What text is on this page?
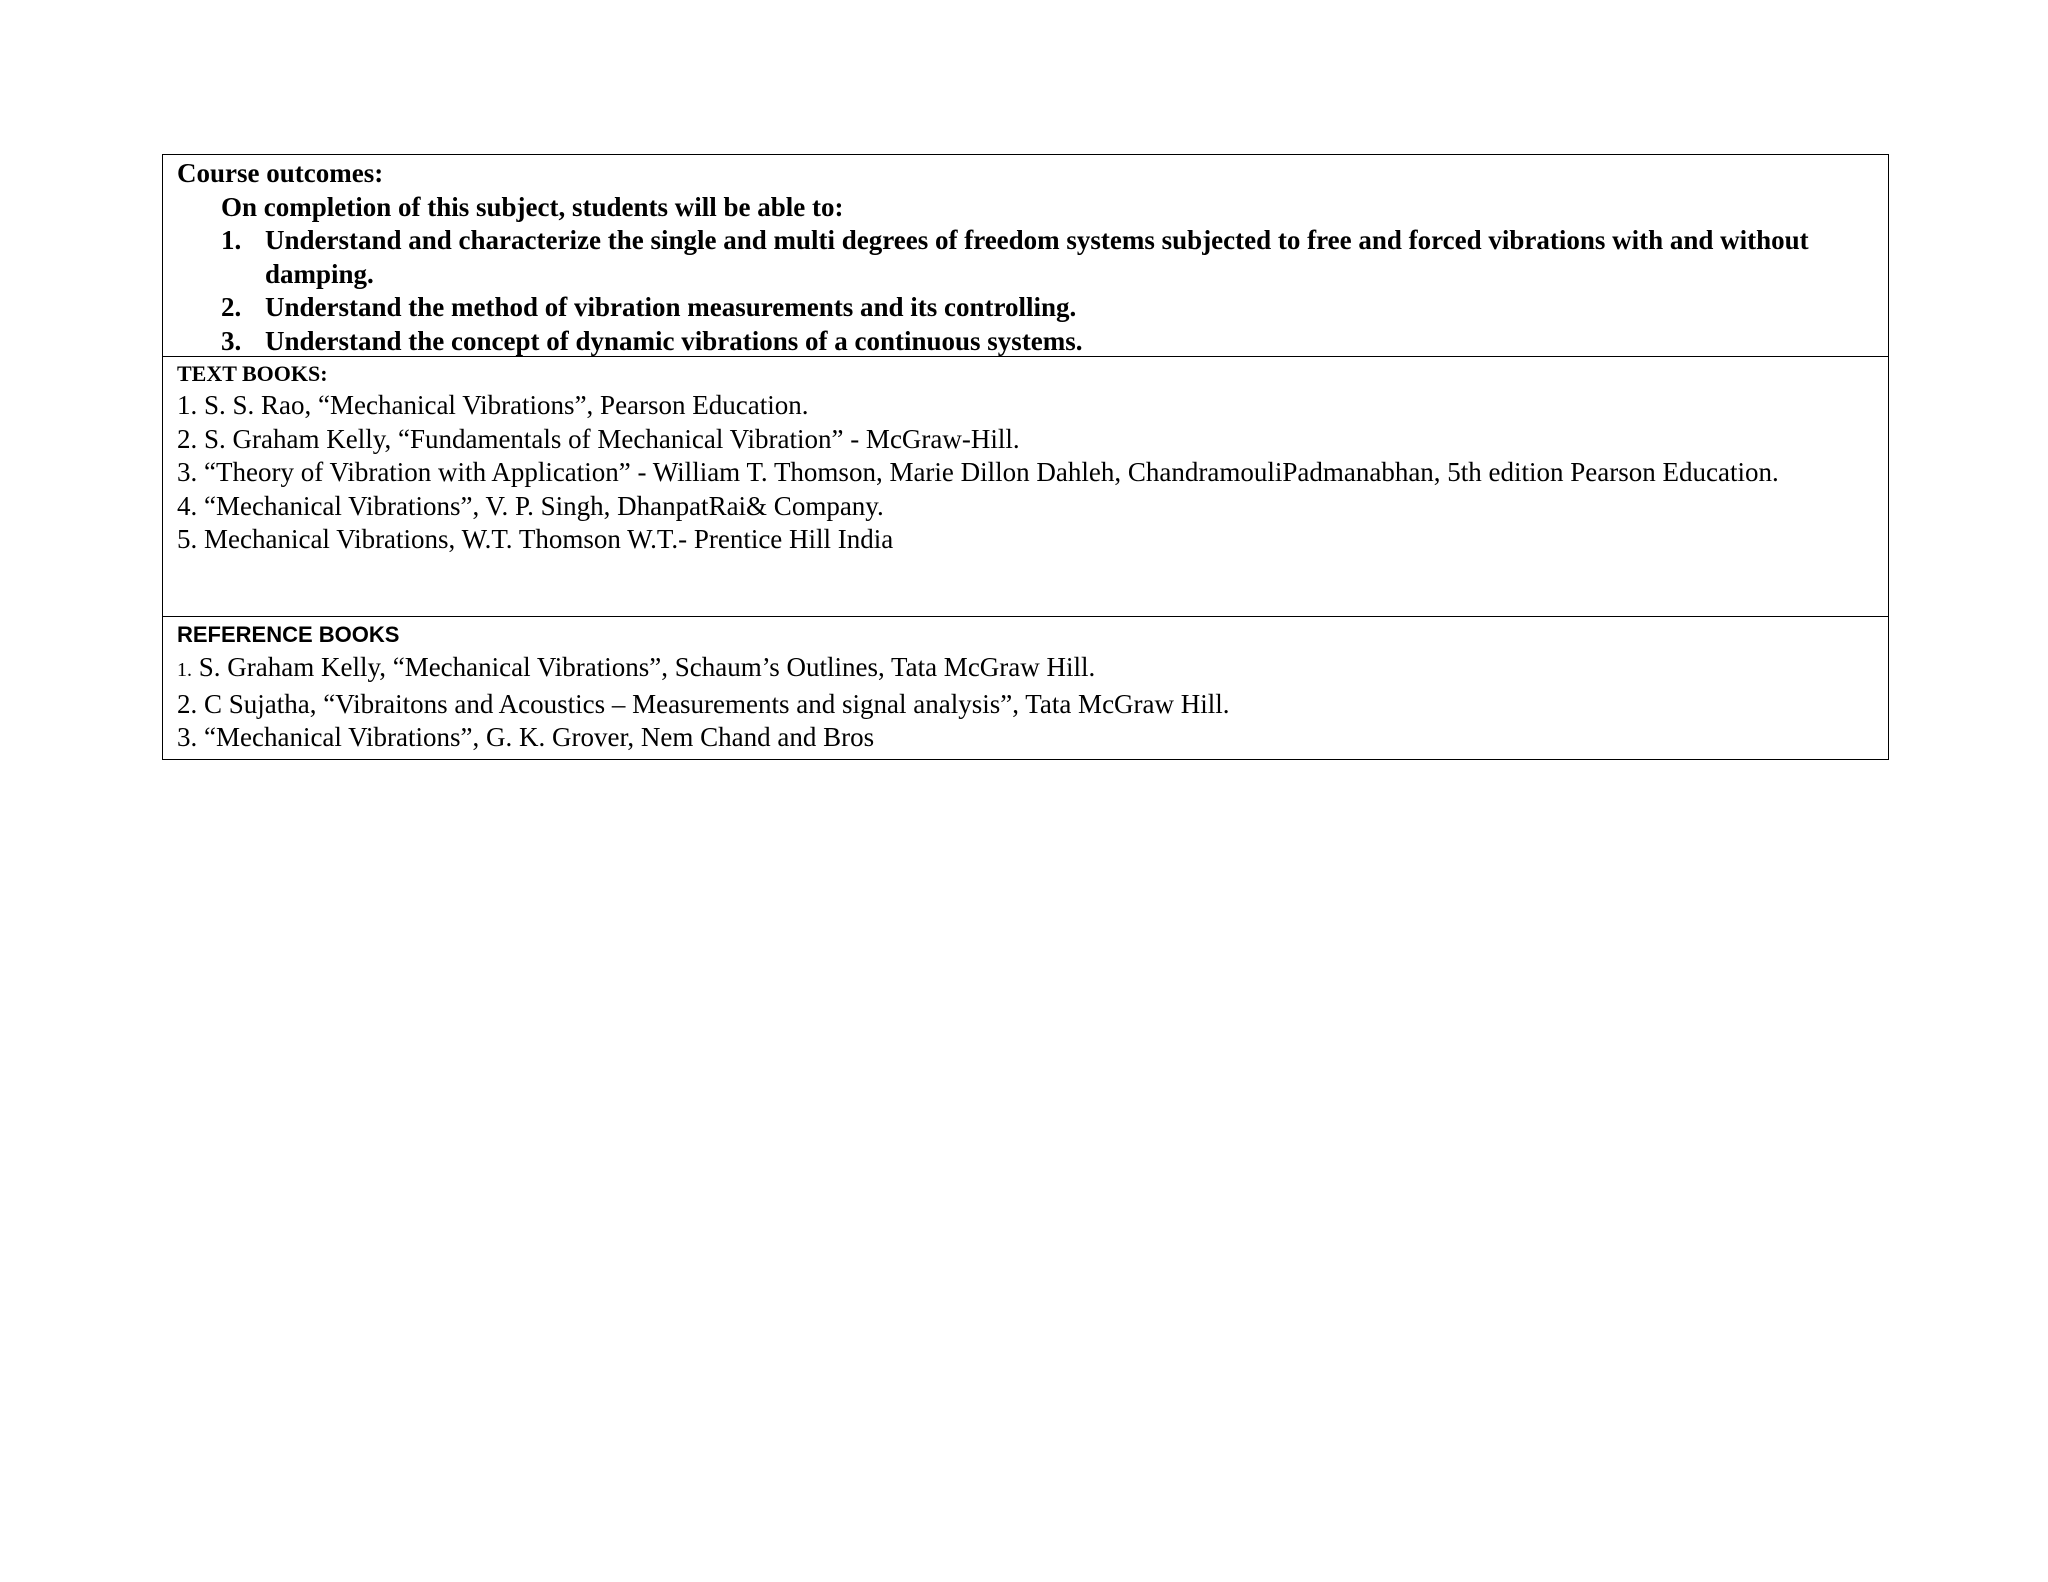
Course outcomes:

On completion of this subject, students will be able to:

1. Understand and characterize the single and multi degrees of freedom systems subjected to free and forced vibrations with and without damping.
2. Understand the method of vibration measurements and its controlling.
3. Understand the concept of dynamic vibrations of a continuous systems.

TEXT BOOKS:

1. S. S. Rao, “Mechanical Vibrations”, Pearson Education.
2. S. Graham Kelly, “Fundamentals of Mechanical Vibration” - McGraw-Hill.
3. “Theory of Vibration with Application” - William T. Thomson, Marie Dillon Dahleh, ChandramouliPadmanabhan, 5th edition Pearson Education.
4. “Mechanical Vibrations”, V. P. Singh, DhanpatRai& Company.
5. Mechanical Vibrations, W.T. Thomson W.T.- Prentice Hill India

REFERENCE BOOKS

1. S. Graham Kelly, “Mechanical Vibrations”, Schaum’s Outlines, Tata McGraw Hill.
2. C Sujatha, “Vibraitons and Acoustics – Measurements and signal analysis”, Tata McGraw Hill.
3. “Mechanical Vibrations”, G. K. Grover, Nem Chand and Bros
